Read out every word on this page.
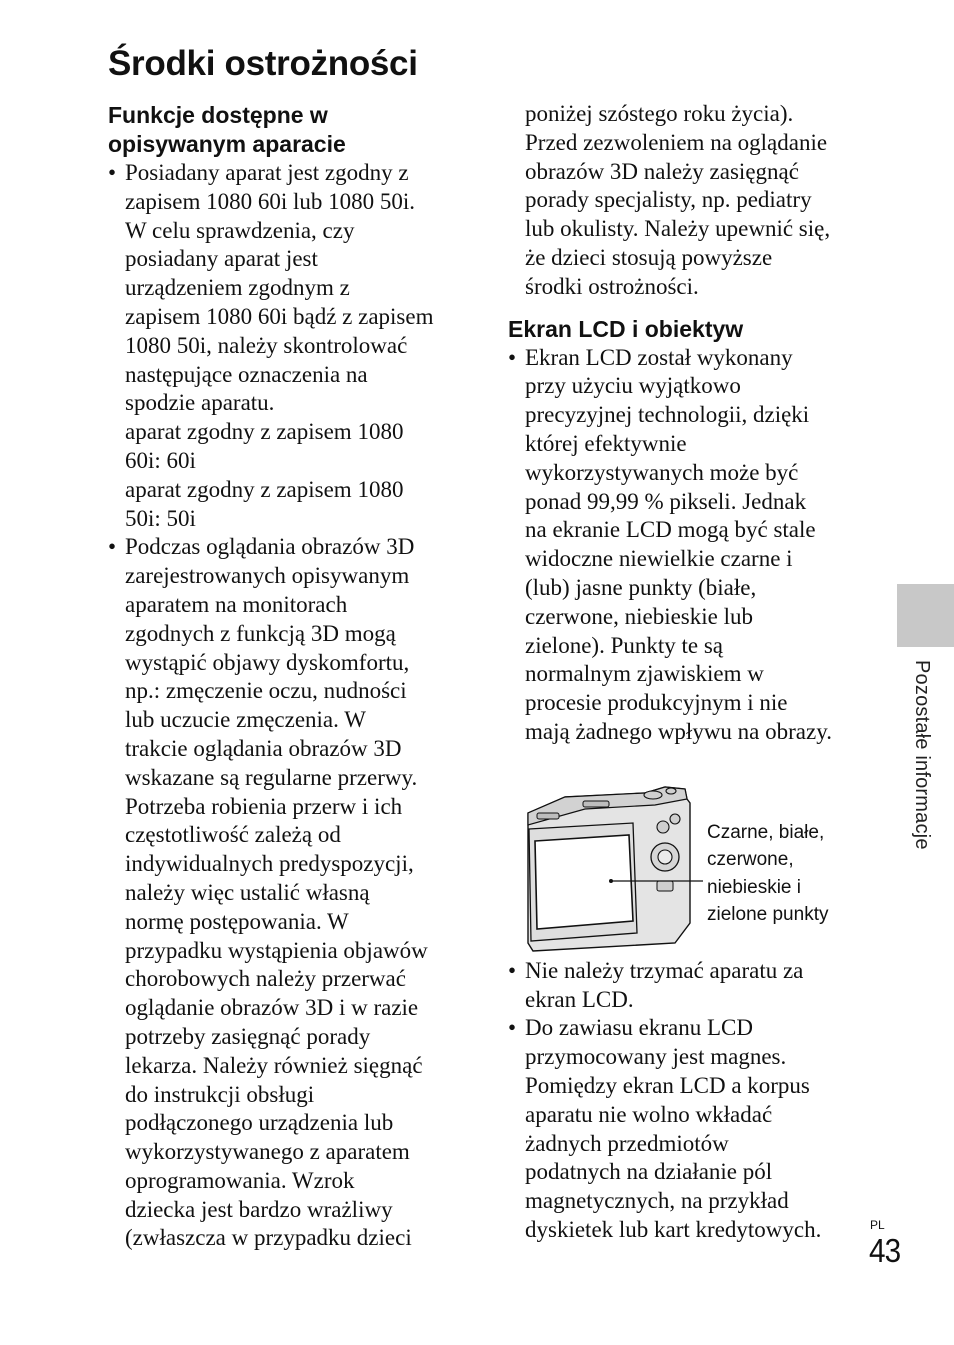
Środki ostrożności
Funkcje dostępne w
opisywanym aparacie
• Posiadany aparat jest zgodny z
zapisem 1080 60i lub 1080 50i.
W celu sprawdzenia, czy
posiadany aparat jest
urządzeniem zgodnym z
zapisem 1080 60i bądź z zapisem
1080 50i, należy skontrolować
następujące oznaczenia na
spodzie aparatu.
aparat zgodny z zapisem 1080
60i: 60i
aparat zgodny z zapisem 1080
50i: 50i
• Podczas oglądania obrazów 3D
zarejestrowanych opisywanym
aparatem na monitorach
zgodnych z funkcją 3D mogą
wystąpić objawy dyskomfortu,
np.: zmęczenie oczu, nudności
lub uczucie zmęczenia. W
trakcie oglądania obrazów 3D
wskazane są regularne przerwy.
Potrzeba robienia przerw i ich
częstotliwość zależą od
indywidualnych predyspozycji,
należy więc ustalić własną
normę postępowania. W
przypadku wystąpienia objawów
chorobowych należy przerwać
oglądanie obrazów 3D i w razie
potrzeby zasięgnąć porady
lekarza. Należy również sięgnąć
do instrukcji obsługi
podłączonego urządzenia lub
wykorzystywanego z aparatem
oprogramowania. Wzrok
dziecka jest bardzo wrażliwy
(zwłaszcza w przypadku dzieci
poniżej szóstego roku życia).
Przed zezwoleniem na oglądanie
obrazów 3D należy zasięgnąć
porady specjalisty, np. pediatry
lub okulisty. Należy upewnić się,
że dzieci stosują powyższe
środki ostrożności.
Ekran LCD i obiektyw
• Ekran LCD został wykonany
przy użyciu wyjątkowo
precyzyjnej technologii, dzięki
której efektywnie
wykorzystywanych może być
ponad 99,99 % pikseli. Jednak
na ekranie LCD mogą być stale
widoczne niewielkie czarne i
(lub) jasne punkty (białe,
czerwone, niebieskie lub
zielone). Punkty te są
normalnym zjawiskiem w
procesie produkcyjnym i nie
mają żadnego wpływu na obrazy.
Czarne, białe,
czerwone,
niebieskie i
zielone punkty
• Nie należy trzymać aparatu za
ekran LCD.
• Do zawiasu ekranu LCD
przymocowany jest magnes.
Pomiędzy ekran LCD a korpus
aparatu nie wolno wkładać
żadnych przedmiotów
podatnych na działanie pól
magnetycznych, na przykład
dyskietek lub kart kredytowych.
Pozostałe informacje
PL
43
